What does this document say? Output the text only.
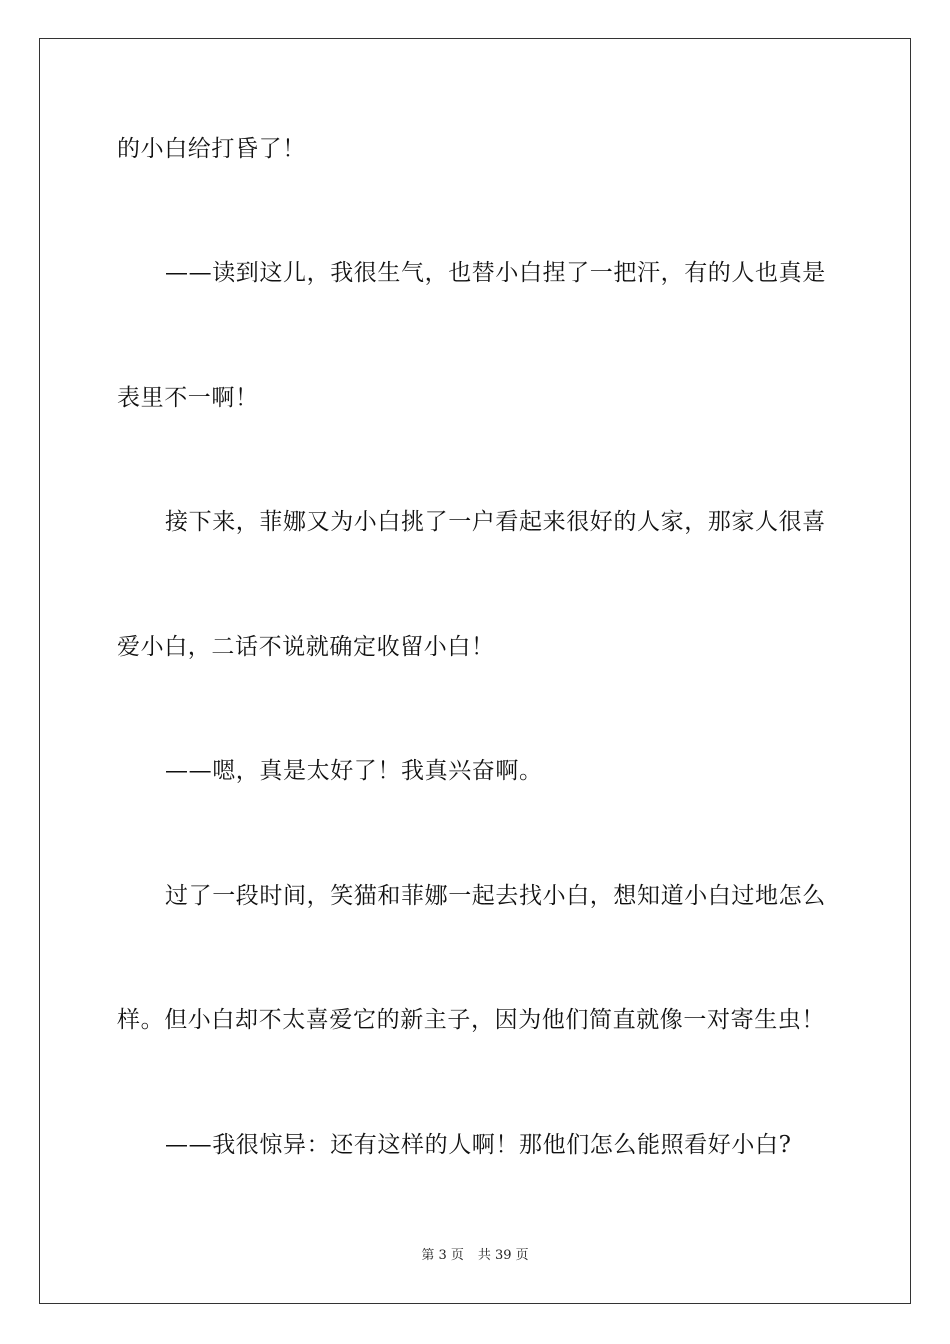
的小白给打昏了！
——读到这儿，我很生气，也替小白捏了一把汗，有的人也真是
表里不一啊！
接下来，菲娜又为小白挑了一户看起来很好的人家，那家人很喜
爱小白，二话不说就确定收留小白！
——嗯，真是太好了！我真兴奋啊。
过了一段时间，笑猫和菲娜一起去找小白，想知道小白过地怎么
样。但小白却不太喜爱它的新主子，因为他们简直就像一对寄生虫！
——我很惊异：还有这样的人啊！那他们怎么能照看好小白?
第 3 页 共 39 页
